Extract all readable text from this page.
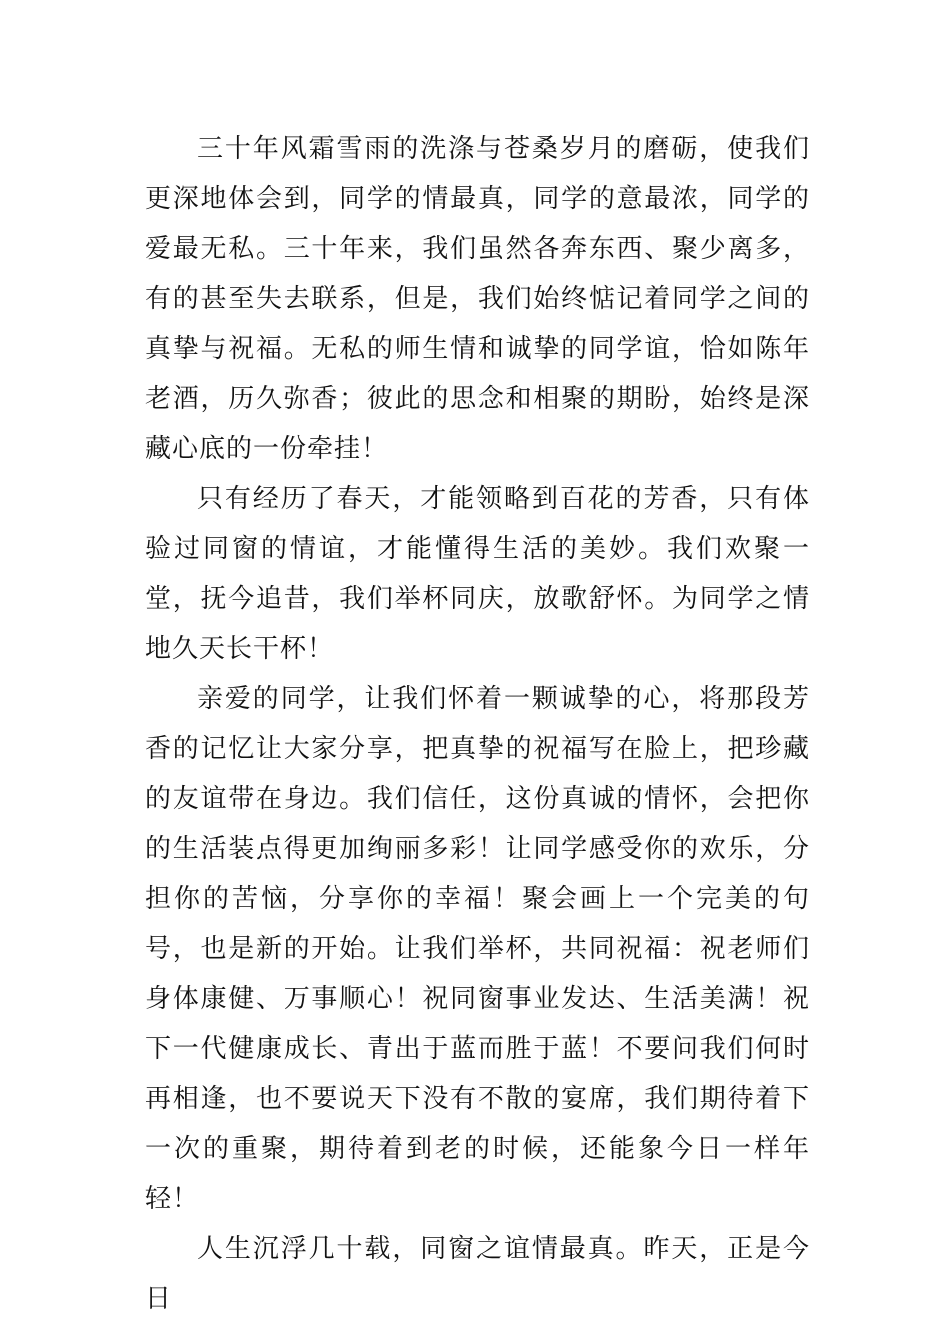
三十年风霜雪雨的洗涤与苍桑岁月的磨砺，使我们更深地体会到，同学的情最真，同学的意最浓，同学的爱最无私。三十年来，我们虽然各奔东西、聚少离多，有的甚至失去联系，但是，我们始终惦记着同学之间的真挚与祝福。无私的师生情和诚挚的同学谊，恰如陈年老酒，历久弥香；彼此的思念和相聚的期盼，始终是深藏心底的一份牵挂！

只有经历了春天，才能领略到百花的芳香，只有体验过同窗的情谊，才能懂得生活的美妙。我们欢聚一堂，抚今追昔，我们举杯同庆，放歌舒怀。为同学之情地久天长干杯！

亲爱的同学，让我们怀着一颗诚挚的心，将那段芳香的记忆让大家分享，把真挚的祝福写在脸上，把珍藏的友谊带在身边。我们信任，这份真诚的情怀，会把你的生活装点得更加绚丽多彩！让同学感受你的欢乐，分担你的苦恼，分享你的幸福！聚会画上一个完美的句号，也是新的开始。让我们举杯，共同祝福：祝老师们身体康健、万事顺心！祝同窗事业发达、生活美满！祝下一代健康成长、青出于蓝而胜于蓝！不要问我们何时再相逢，也不要说天下没有不散的宴席，我们期待着下一次的重聚，期待着到老的时候，还能象今日一样年轻！

人生沉浮几十载，同窗之谊情最真。昨天，正是今日
